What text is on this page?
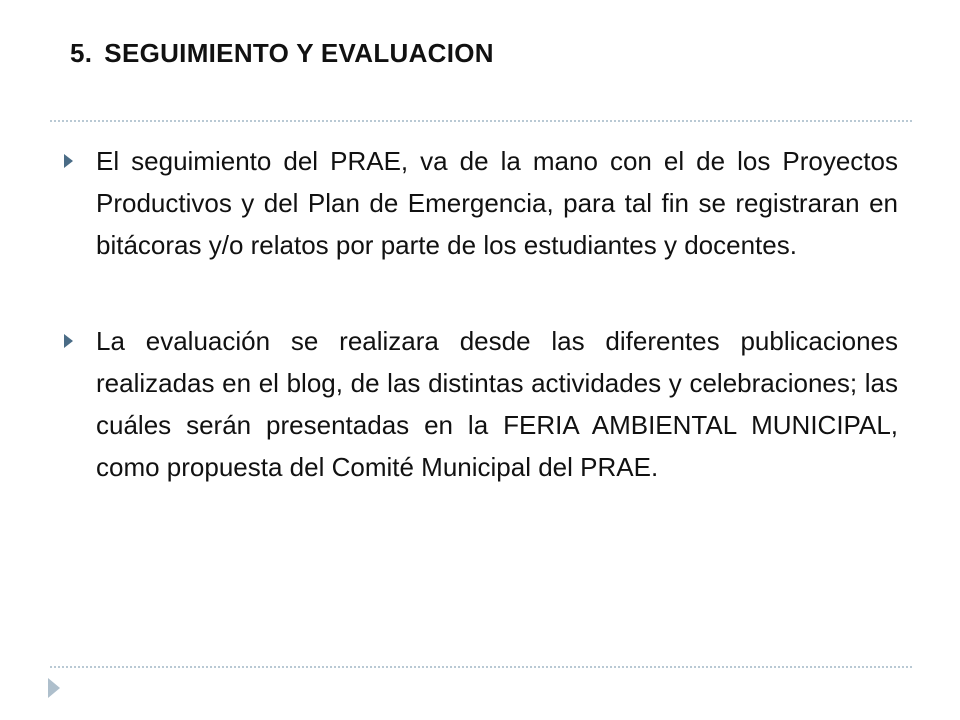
5. SEGUIMIENTO Y EVALUACION
El seguimiento del PRAE, va de la mano con el de los Proyectos Productivos y del Plan de Emergencia, para tal fin se registraran en bitácoras y/o relatos por parte de los estudiantes y docentes.
La evaluación se realizara desde las diferentes publicaciones realizadas en el blog, de las distintas actividades y celebraciones; las cuáles serán presentadas en la FERIA AMBIENTAL MUNICIPAL, como propuesta del Comité Municipal del PRAE.
